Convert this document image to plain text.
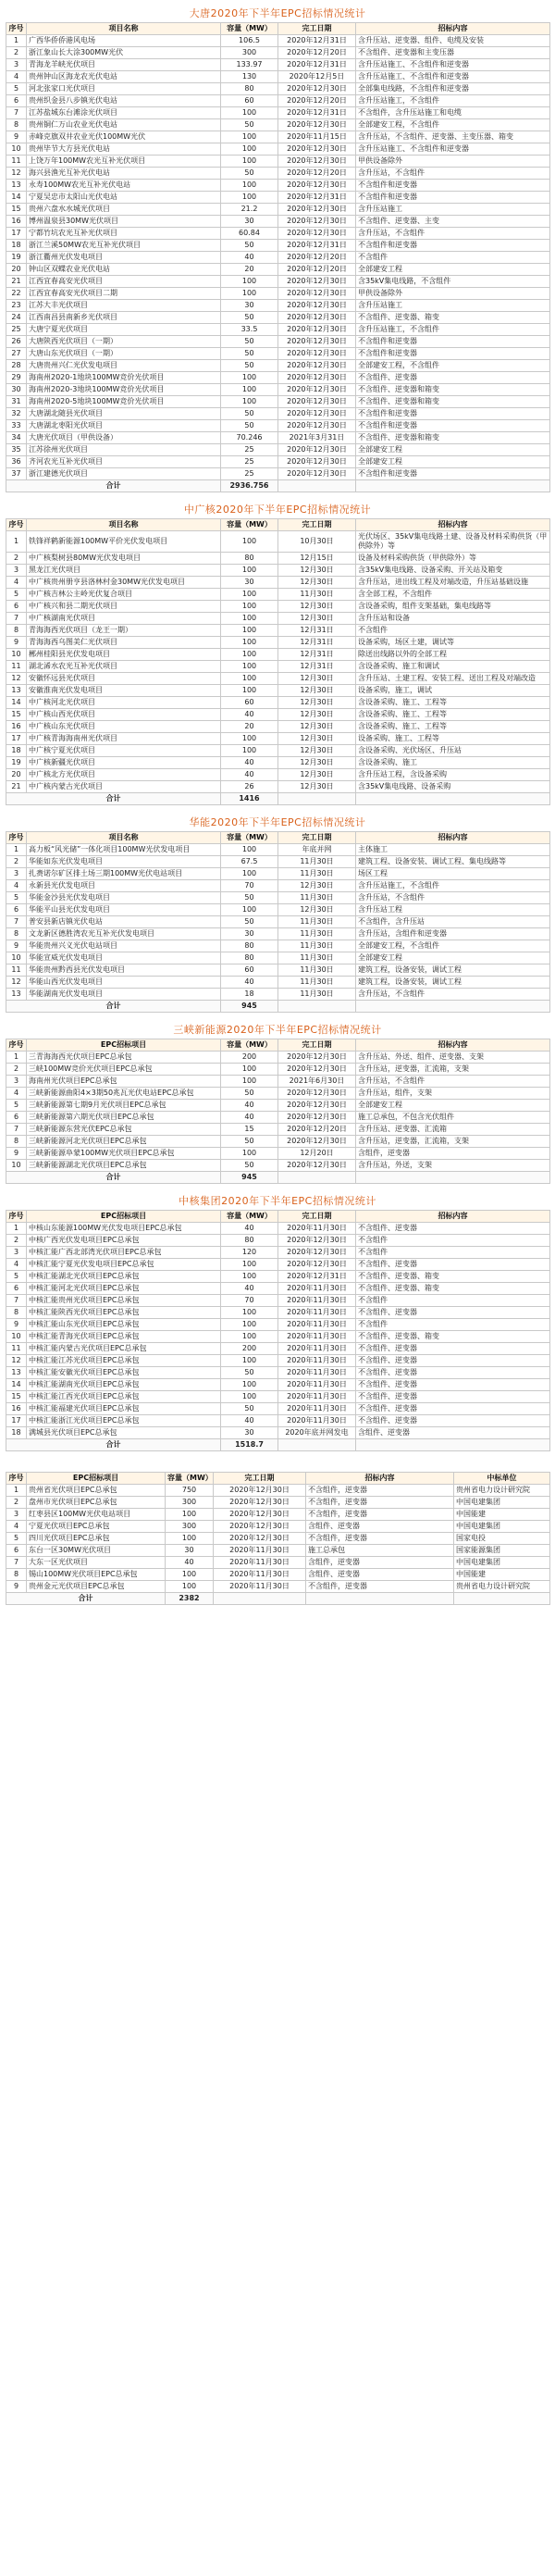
大唐2020年下半年EPC招标情况统计
序号	项目名称	容量（MW）	完工日期	招标内容
1	广西华侨侨港风电场	106.5	2020年12月31日	含升压站、逆变器、组件、电缆及安装
2	浙江象山长大涂300MW光伏	300	2020年12月20日	不含组件、逆变器和主变压器
3	青海龙羊峡光伏项目	133.97	2020年12月31日	含升压站施工、不含组件和逆变器
4	贵州钟山区海龙农光伏电站	130	2020年12月5日	含升压站施工、不含组件和逆变器
5	河北张家口光伏项目	80	2020年12月30日	全部集电线路，不含组件和逆变器
6	贵州织金县八步镇光伏电站	60	2020年12月20日	含升压站施工，不含组件
7	江苏盐城东台滩涂光伏项目	100	2020年12月31日	不含组件，含升压站施工和电缆
8	贵州铜仁万山农业光伏电站	50	2020年12月30日	全部建安工程，不含组件
9	赤峰克旗双井农业光伏100MW光伏	100	2020年11月15日	含升压站，不含组件、逆变器、主变压器、箱变
10	贵州毕节大方县光伏电站	100	2020年12月30日	含升压站施工、不含组件和逆变器
11	上饶万年100MW农光互补光伏项目	100	2020年12月30日	甲供设备除外
12	海兴县渔光互补光伏电站	50	2020年12月20日	含升压站，不含组件
13	永寿100MW农光互补光伏电站	100	2020年12月30日	不含组件和逆变器
14	宁夏吴忠市太阳山光伏电站	100	2020年12月31日	不含组件和逆变器
15	贵州六盘水水城光伏项目	21.2	2020年12月30日	含升压站施工
16	博州温泉县30MW光伏项目	30	2020年12月30日	不含组件、逆变器、主变
17	宁都竹坑农光互补光伏项目	60.84	2020年12月30日	含升压站，不含组件
18	浙江兰溪50MW农光互补光伏项目	50	2020年12月31日	不含组件和逆变器
19	浙江衢州光伏发电项目	40	2020年12月20日	不含组件
20	钟山区双蝶农业光伏电站	20	2020年12月20日	全部建安工程
21	江西宜春高安光伏项目	100	2020年12月30日	含35kV集电线路，不含组件
22	江西宜春高安光伏项目二期	100	2020年12月30日	甲供设备除外
23	江苏大丰光伏项目	30	2020年12月30日	含升压站施工
24	江西南昌县南新乡光伏项目	50	2020年12月30日	不含组件、逆变器、箱变
25	大唐宁夏光伏项目	33.5	2020年12月30日	含升压站施工，不含组件
26	大唐陕西光伏项目（一期）	50	2020年12月30日	不含组件和逆变器
27	大唐山东光伏项目（一期）	50	2020年12月30日	不含组件和逆变器
28	大唐贵州兴仁光伏发电项目	50	2020年12月30日	全部建安工程，不含组件
29	海南州2020-1地块100MW竞价光伏项目	100	2020年12月30日	不含组件、逆变器
30	海南州2020-3地块100MW竞价光伏项目	100	2020年12月30日	不含组件、逆变器和箱变
31	海南州2020-5地块100MW竞价光伏项目	100	2020年12月30日	不含组件、逆变器和箱变
32	大唐湖北随县光伏项目	50	2020年12月30日	不含组件和逆变器
33	大唐湖北枣阳光伏项目	50	2020年12月30日	不含组件和逆变器
34	大唐光伏项目（甲供设备）	70.246	2021年3月31日	不含组件、逆变器和箱变
35	江苏徐州光伏项目	25	2020年12月30日	全部建安工程
36	齐河农光互补光伏项目	25	2020年12月30日	全部建安工程
37	浙江建德光伏项目	25	2020年12月30日	不含组件和逆变器
合计		2936.756		
中广核2020年下半年EPC招标情况统计
序号	项目名称	容量（MW）	完工日期	招标内容
1	铁锋祥鹤新能源100MW平价光伏发电项目	100	10月30日	光伏场区、35kV集电线路土建、设备及材料采购供货（甲供除外）等
2	中广核梨树县80MW光伏发电项目	80	12月15日	设备及材料采购供货（甲供除外）等
3	黑龙江光伏项目	100	12月30日	含35kV集电线路、设备采购、开关站及箱变
4	中广核贵州册亨县洛林村金30MW光伏发电项目	30	12月30日	含升压站，进出线工程及对端改造，升压站基础设施
5	中广核吉林公主岭光伏复合项目	100	11月30日	含全部工程，不含组件
6	中广核兴和县二期光伏项目	100	12月30日	含设备采购，组件支架基础，集电线路等
7	中广核湖南光伏项目	100	12月30日	含升压站和设备
8	青海海西光伏项目（龙王一期）	100	12月31日	不含组件
9	青海海西乌图美仁光伏项目	100	12月31日	设备采购，场区土建，调试等
10	郴州桂阳县光伏发电项目	100	12月31日	除送出线路以外的全部工程
11	湖北浠水农光互补光伏项目	100	12月31日	含设备采购、施工和调试
12	安徽怀远县光伏项目	100	12月30日	含升压站、土建工程、安装工程、送出工程及对端改造
13	安徽淮南光伏发电项目	100	12月30日	设备采购，施工，调试
14	中广核河北光伏项目	60	12月30日	含设备采购、施工、工程等
15	中广核山西光伏项目	40	12月30日	含设备采购、施工、工程等
16	中广核山东光伏项目	20	12月30日	含设备采购、施工、工程等
17	中广核青海海南州光伏项目	100	12月30日	设备采购、施工、工程等
18	中广核宁夏光伏项目	100	12月30日	含设备采购、光伏场区、升压站
19	中广核新疆光伏项目	40	12月30日	含设备采购、施工
20	中广核北方光伏项目	40	12月30日	含升压站工程，含设备采购
21	中广核内蒙古光伏项目	26	12月30日	含35kV集电线路、设备采购
合计		1416		
华能2020年下半年EPC招标情况统计
序号	项目名称	容量（MW）	完工日期	招标内容
1	高力板“风光储”一体化项目100MW光伏发电项目	100	年底并网	主体施工
2	华能如东光伏发电项目	67.5	11月30日	建筑工程、设备安装、调试工程、集电线路等
3	扎赉诺尔矿区排土场三期100MW光伏电站项目	100	11月30日	场区工程
4	永新县光伏发电项目	70	12月30日	含升压站施工，不含组件
5	华能金沙县光伏发电项目	50	11月30日	含升压站，不含组件
6	华能平山县光伏发电项目	100	12月30日	含升压站工程
7	普安县新店镇光伏电站	50	11月30日	不含组件，含升压站
8	文龙新区德胜湾农光互补光伏发电项目	30	11月30日	含升压站，含组件和逆变器
9	华能贵州兴义光伏电站项目	80	11月30日	全部建安工程，不含组件
10	华能宣威光伏发电项目	80	11月30日	全部建安工程
11	华能贵州黔西县光伏发电项目	60	11月30日	建筑工程，设备安装，调试工程
12	华能山西光伏发电项目	40	11月30日	建筑工程，设备安装，调试工程
13	华能湖南光伏发电项目	18	11月30日	含升压站，不含组件
合计		945		
三峡新能源2020年下半年EPC招标情况统计
序号	EPC招标项目	容量（MW）	完工日期	招标内容
1	三青海海西光伏项目EPC总承包	200	2020年12月30日	含升压站、外送、组件、逆变器、支架
2	三峡100MW竞价光伏项目EPC总承包	100	2020年12月30日	含升压站，逆变器，汇流箱，支架
3	海南州光伏项目EPC总承包	100	2021年6月30日	含升压站，不含组件
4	三峡新能源曲阳4×3期50兆瓦光伏电站EPC总承包	50	2020年12月30日	含升压站，组件，支架
5	三峡新能源第七期9月光伏项目EPC总承包	40	2020年12月30日	全部建安工程
6	三峡新能源第六期光伏项目EPC总承包	40	2020年12月30日	施工总承包，不包含光伏组件
7	三峡新能源东营光伏EPC总承包	15	2020年12月20日	含升压站、逆变器、汇流箱
8	三峡新能源河北光伏项目EPC总承包	50	2020年12月30日	含升压站，逆变器，汇流箱，支架
9	三峡新能源阜蒙100MW光伏项目EPC总承包	100	12月20日	含组件，逆变器
10	三峡新能源湖北光伏项目EPC总承包	50	2020年12月30日	含升压站，外送，支架
合计		945		
中核集团2020年下半年EPC招标情况统计
序号	EPC招标项目	容量（MW）	完工日期	招标内容
1	中核山东能源100MW光伏发电项目EPC总承包	40	2020年11月30日	不含组件、逆变器
2	中核广西光伏发电项目EPC总承包	80	2020年12月30日	不含组件
3	中核汇能广西北部湾光伏项目EPC总承包	120	2020年12月30日	不含组件
4	中核汇能宁夏光伏发电项目EPC总承包	100	2020年12月30日	不含组件、逆变器
5	中核汇能湖北光伏项目EPC总承包	100	2020年12月31日	不含组件、逆变器、箱变
6	中核汇能河北光伏项目EPC总承包	40	2020年11月30日	不含组件、逆变器、箱变
7	中核汇能贵州光伏项目EPC总承包	70	2020年11月30日	不含组件
8	中核汇能陕西光伏项目EPC总承包	100	2020年11月30日	不含组件、逆变器
9	中核汇能山东光伏项目EPC总承包	100	2020年11月30日	不含组件
10	中核汇能青海光伏项目EPC总承包	100	2020年11月30日	不含组件、逆变器、箱变
11	中核汇能内蒙古光伏项目EPC总承包	200	2020年11月30日	不含组件、逆变器
12	中核汇能江苏光伏项目EPC总承包	100	2020年11月30日	不含组件、逆变器
13	中核汇能安徽光伏项目EPC总承包	50	2020年11月30日	不含组件、逆变器
14	中核汇能湖南光伏项目EPC总承包	100	2020年11月30日	不含组件、逆变器
15	中核汇能江西光伏项目EPC总承包	100	2020年11月30日	不含组件、逆变器
16	中核汇能福建光伏项目EPC总承包	50	2020年11月30日	不含组件、逆变器
17	中核汇能浙江光伏项目EPC总承包	40	2020年11月30日	不含组件、逆变器
18	满城县光伏项目EPC总承包	30	2020年底并网发电	含组件、逆变器
合计		1518.7		
序号	EPC招标项目	容量（MW）	完工日期	招标内容	中标单位
1	贵州省光伏项目EPC总承包	750	2020年12月30日	不含组件，逆变器	贵州省电力设计研究院
2	盘州市光伏项目EPC总承包	300	2020年12月30日	不含组件，逆变器	中国电建集团
3	红枣县区100MW光伏电站项目	100	2020年12月30日	不含组件，逆变器	中国能建
4	宁夏光伏项目EPC总承包	300	2020年12月30日	含组件、逆变器	中国电建集团
5	四川光伏项目EPC总承包	100	2020年12月30日	不含组件，逆变器	国家电投
6	东台一区30MW光伏项目	30	2020年11月30日	施工总承包	国家能源集团
7	大东一区光伏项目	40	2020年11月30日	含组件，逆变器	中国电建集团
8	锡山100MW光伏项目EPC总承包	100	2020年11月30日	含组件、逆变器	中国能建
9	贵州金元光伏项目EPC总承包	100	2020年11月30日	不含组件，逆变器	贵州省电力设计研究院
合计		2382			
